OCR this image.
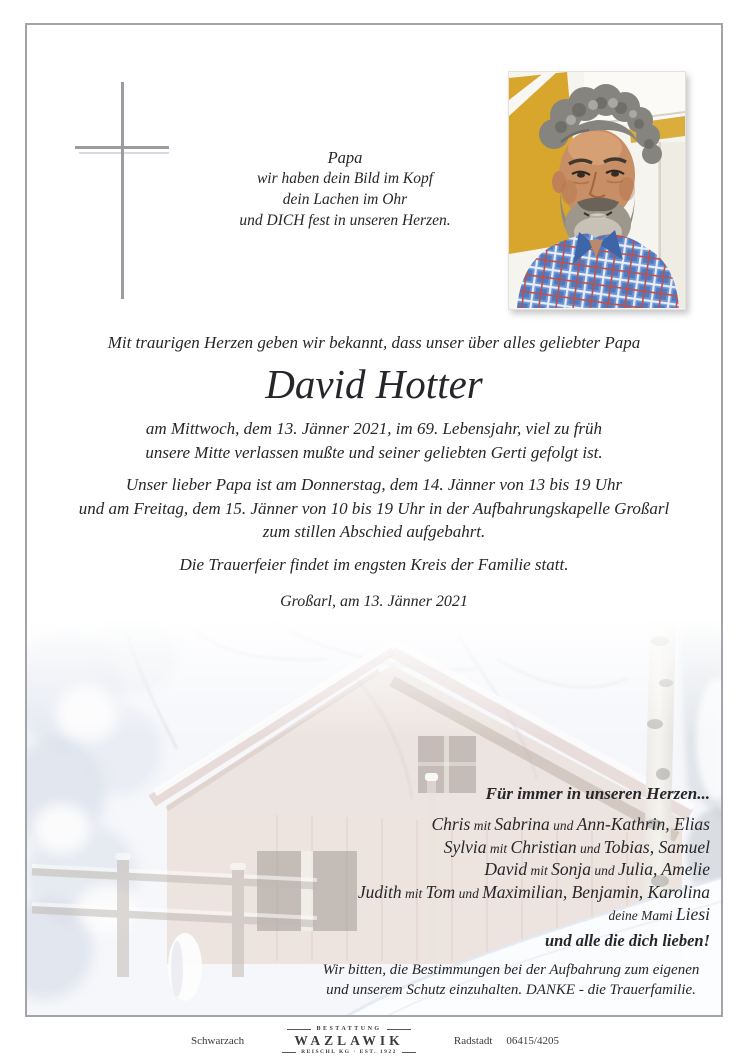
Papa
wir haben dein Bild im Kopf
dein Lachen im Ohr
und DICH fest in unseren Herzen.
Mit traurigen Herzen geben wir bekannt, dass unser über alles geliebter Papa
David Hotter
am Mittwoch, dem 13. Jänner 2021, im 69. Lebensjahr, viel zu früh
unsere Mitte verlassen mußte und seiner geliebten Gerti gefolgt ist.
Unser lieber Papa ist am Donnerstag, dem 14. Jänner von 13 bis 19 Uhr
und am Freitag, dem 15. Jänner von 10 bis 19 Uhr in der Aufbahrungskapelle Großarl
zum stillen Abschied aufgebahrt.
Die Trauerfeier findet im engsten Kreis der Familie statt.
Großarl, am 13. Jänner 2021
Für immer in unseren Herzen...
Chris mit Sabrina und Ann-Kathrin, Elias
Sylvia mit Christian und Tobias, Samuel
David mit Sonja und Julia, Amelie
Judith mit Tom und Maximilian, Benjamin, Karolina
deine Mami Liesi
und alle die dich lieben!
Wir bitten, die Bestimmungen bei der Aufbahrung zum eigenen
und unserem Schutz einzuhalten. DANKE - die Trauerfamilie.
Schwarzach
BESTATTUNG
WAZLAWIK
REISCHL KG · EST. 1922
Radstadt 06415/4205
